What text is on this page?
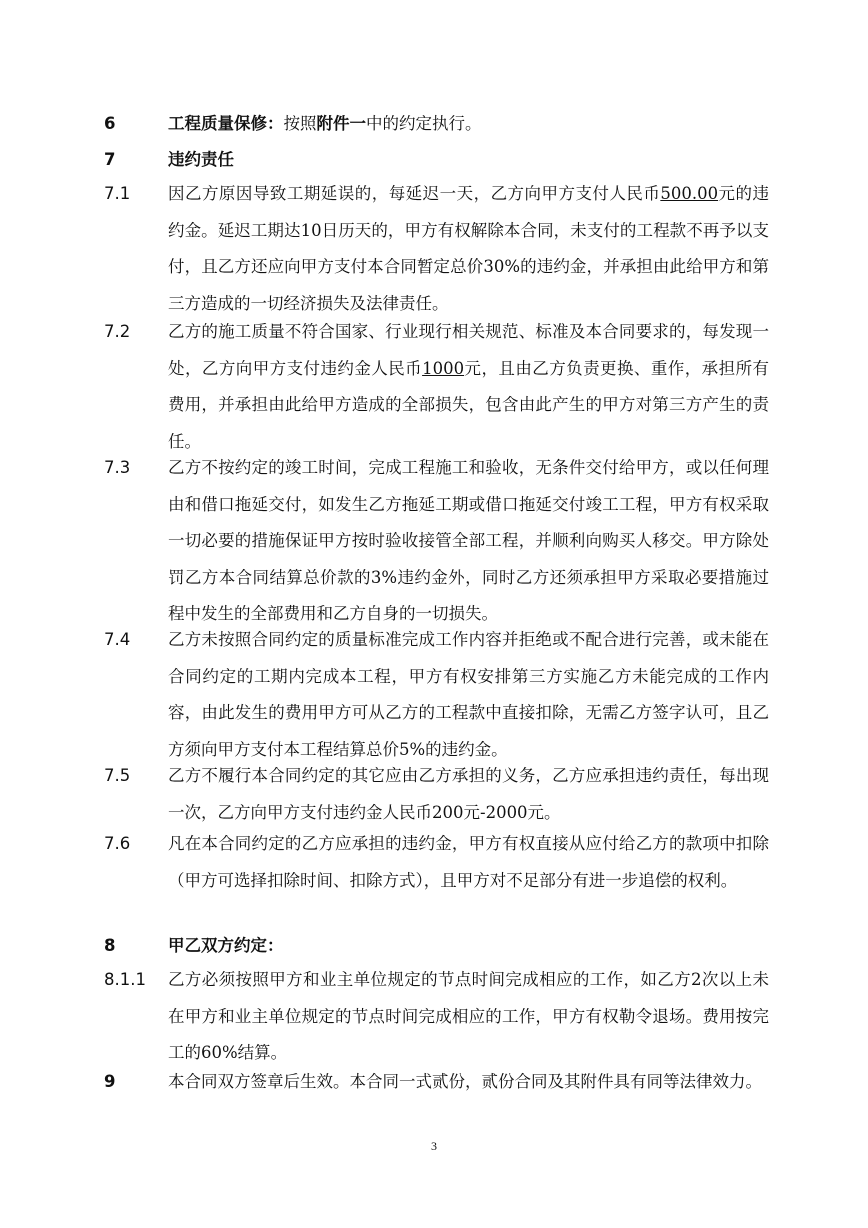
6	工程质量保修：按照附件一中的约定执行。
7	违约责任
7.1	因乙方原因导致工期延误的，每延迟一天，乙方向甲方支付人民币500.00元的违约金。延迟工期达10日历天的，甲方有权解除本合同，未支付的工程款不再予以支付，且乙方还应向甲方支付本合同暂定总价30%的违约金，并承担由此给甲方和第三方造成的一切经济损失及法律责任。
7.2	乙方的施工质量不符合国家、行业现行相关规范、标准及本合同要求的，每发现一处，乙方向甲方支付违约金人民币1000元，且由乙方负责更换、重作，承担所有费用，并承担由此给甲方造成的全部损失，包含由此产生的甲方对第三方产生的责任。
7.3	乙方不按约定的竣工时间，完成工程施工和验收，无条件交付给甲方，或以任何理由和借口拖延交付，如发生乙方拖延工期或借口拖延交付竣工工程，甲方有权采取一切必要的措施保证甲方按时验收接管全部工程，并顺利向购买人移交。甲方除处罚乙方本合同结算总价款的3%违约金外，同时乙方还须承担甲方采取必要措施过程中发生的全部费用和乙方自身的一切损失。
7.4	乙方未按照合同约定的质量标准完成工作内容并拒绝或不配合进行完善，或未能在合同约定的工期内完成本工程，甲方有权安排第三方实施乙方未能完成的工作内容，由此发生的费用甲方可从乙方的工程款中直接扣除，无需乙方签字认可，且乙方须向甲方支付本工程结算总价5%的违约金。
7.5	乙方不履行本合同约定的其它应由乙方承担的义务，乙方应承担违约责任，每出现一次，乙方向甲方支付违约金人民币200元-2000元。
7.6	凡在本合同约定的乙方应承担的违约金，甲方有权直接从应付给乙方的款项中扣除（甲方可选择扣除时间、扣除方式），且甲方对不足部分有进一步追偿的权利。
8	甲乙双方约定：
8.1.1	乙方必须按照甲方和业主单位规定的节点时间完成相应的工作，如乙方2次以上未在甲方和业主单位规定的节点时间完成相应的工作，甲方有权勒令退场。费用按完工的60%结算。
9	本合同双方签章后生效。本合同一式贰份，贰份合同及其附件具有同等法律效力。
3
